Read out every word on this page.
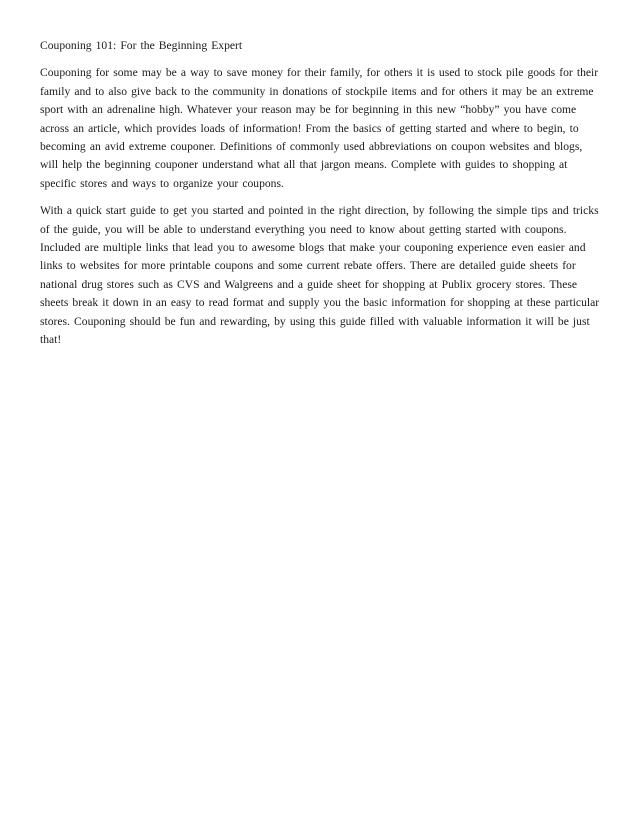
Couponing 101: For the Beginning Expert

Couponing for some may be a way to save money for their family, for others it is used to stock pile goods for their family and to also give back to the community in donations of stockpile items and for others it may be an extreme sport with an adrenaline high. Whatever your reason may be for beginning in this new “hobby” you have come across an article, which provides loads of information! From the basics of getting started and where to begin, to becoming an avid extreme couponer. Definitions of commonly used abbreviations on coupon websites and blogs, will help the beginning couponer understand what all that jargon means. Complete with guides to shopping at specific stores and ways to organize your coupons.

With a quick start guide to get you started and pointed in the right direction, by following the simple tips and tricks of the guide, you will be able to understand everything you need to know about getting started with coupons. Included are multiple links that lead you to awesome blogs that make your couponing experience even easier and links to websites for more printable coupons and some current rebate offers. There are detailed guide sheets for national drug stores such as CVS and Walgreens and a guide sheet for shopping at Publix grocery stores. These sheets break it down in an easy to read format and supply you the basic information for shopping at these particular stores. Couponing should be fun and rewarding, by using this guide filled with valuable information it will be just that!
